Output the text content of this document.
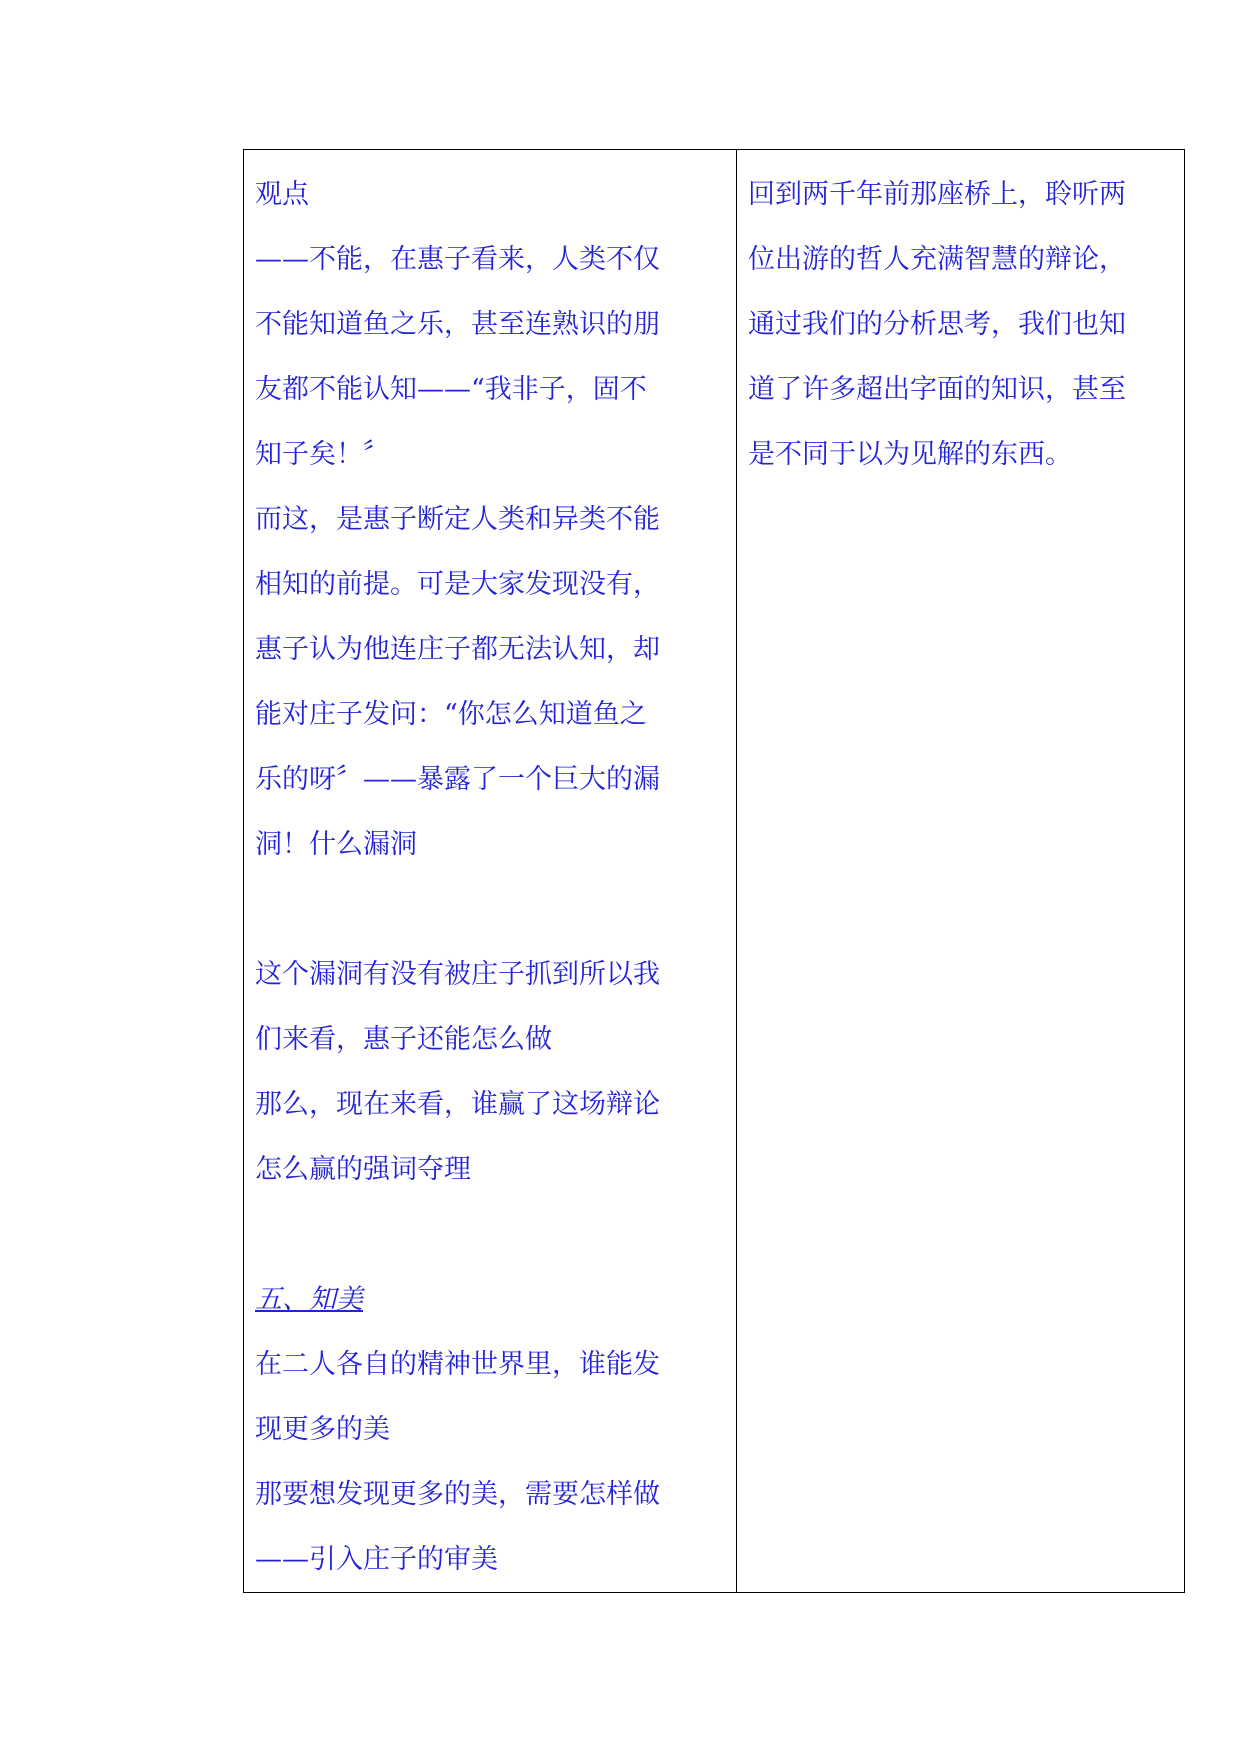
观点
——不能，在惠子看来，人类不仅
不能知道鱼之乐，甚至连熟识的朋
友都不能认知——“我非子，固不
知子矣！〞
而这，是惠子断定人类和异类不能
相知的前提。可是大家发现没有，
惠子认为他连庄子都无法认知，却
能对庄子发问：“你怎么知道鱼之
乐的呀〞——暴露了一个巨大的漏
洞！什么漏洞
这个漏洞有没有被庄子抓到所以我
们来看，惠子还能怎么做
那么，现在来看，谁赢了这场辩论
怎么赢的强词夺理
五、知美
在二人各自的精神世界里，谁能发
现更多的美
那要想发现更多的美，需要怎样做
——引入庄子的审美

回到两千年前那座桥上，聆听两
位出游的哲人充满智慧的辩论，
通过我们的分析思考，我们也知
道了许多超出字面的知识，甚至
是不同于以为见解的东西。
